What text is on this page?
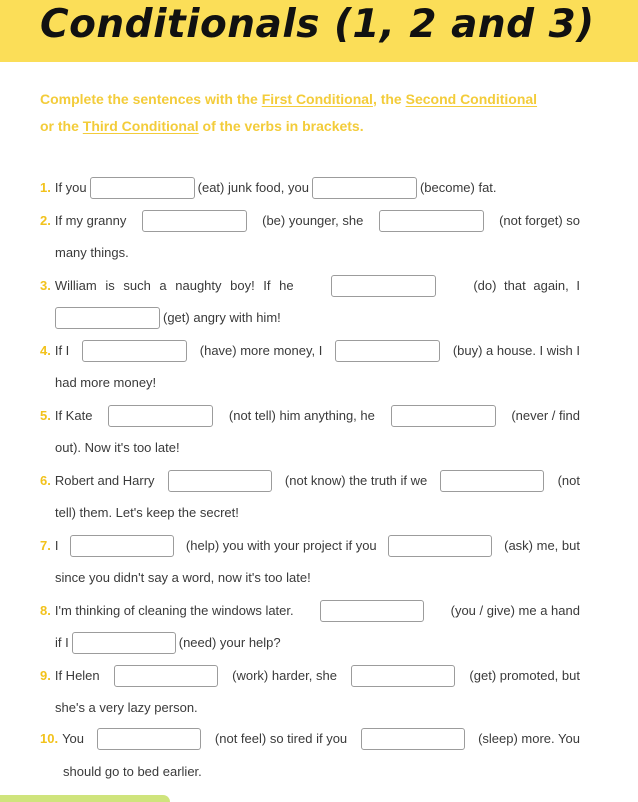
Conditionals (1, 2 and 3)
Complete the sentences with the First Conditional, the Second Conditional
or the Third Conditional of the verbs in brackets.
1. If you	(eat) junk food, you	(become) fat.
2. If my granny	(be) younger, she	(not forget) so
many things.
3. William is such a naughty boy! If he	(do) that again, I
(get) angry with him!
4. If I	(have) more money, I	(buy) a house. I wish I
had more money!
5. If Kate	(not tell) him anything, he	(never / find
out). Now it's too late!
6. Robert and Harry	(not know) the truth if we	(not
tell) them. Let's keep the secret!
7. I	(help) you with your project if you	(ask) me, but
since you didn't say a word, now it's too late!
8. I'm thinking of cleaning the windows later.	(you / give) me a hand
if I	(need) your help?
9. If Helen	(work) harder, she	(get) promoted, but
she's a very lazy person.
10. You	(not feel) so tired if you	(sleep) more. You
should go to bed earlier.
